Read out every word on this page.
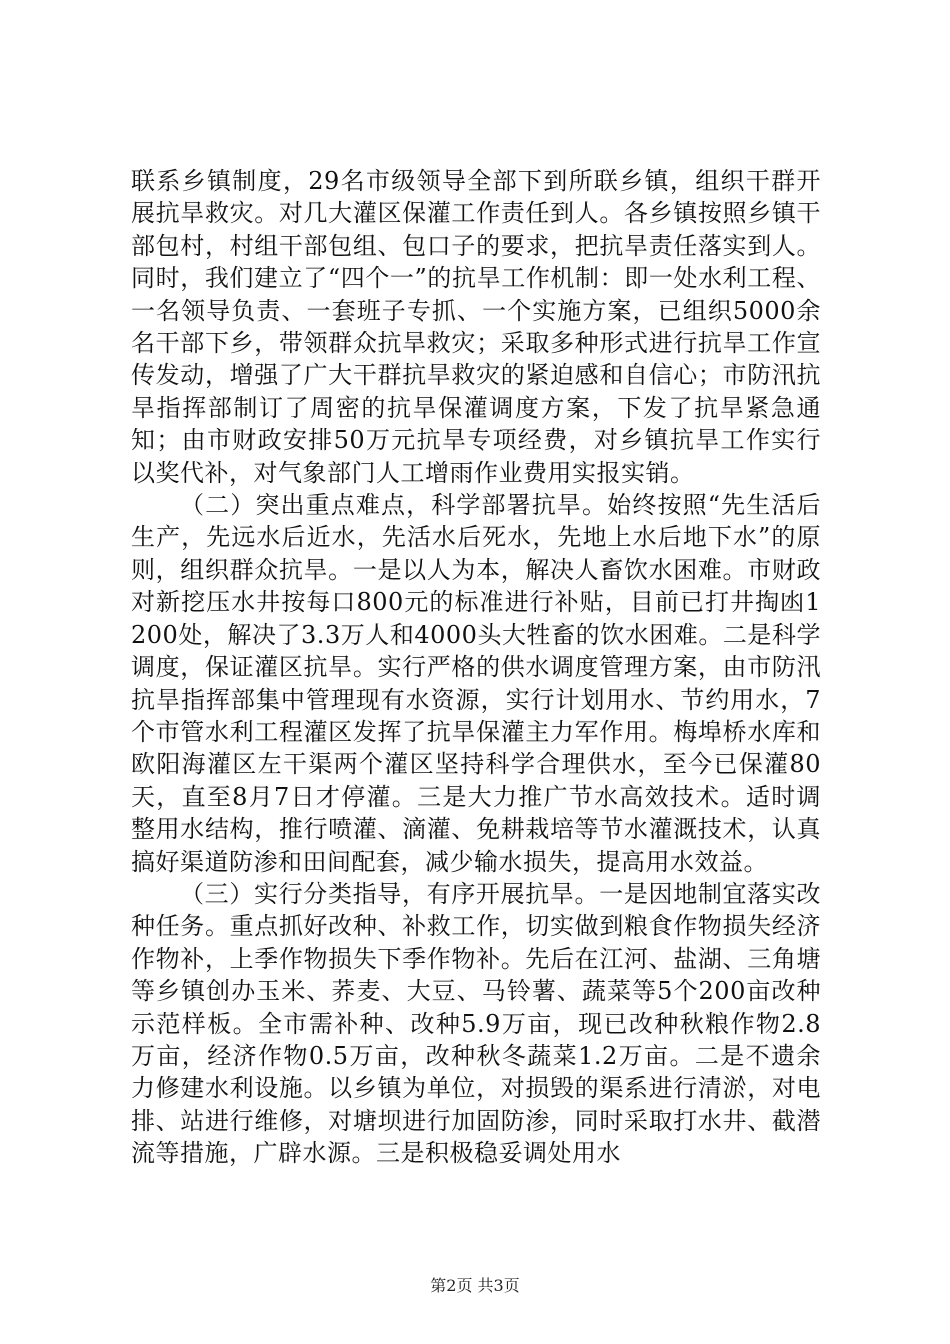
联系乡镇制度，29名市级领导全部下到所联乡镇，组织干群开展抗旱救灾。对几大灌区保灌工作责任到人。各乡镇按照乡镇干部包村，村组干部包组、包口子的要求，把抗旱责任落实到人。同时，我们建立了“四个一”的抗旱工作机制：即一处水利工程、一名领导负责、一套班子专抓、一个实施方案，已组织5000余名干部下乡，带领群众抗旱救灾；采取多种形式进行抗旱工作宣传发动，增强了广大干群抗旱救灾的紧迫感和自信心；市防汛抗旱指挥部制订了周密的抗旱保灌调度方案，下发了抗旱紧急通知；由市财政安排50万元抗旱专项经费，对乡镇抗旱工作实行以奖代补，对气象部门人工增雨作业费用实报实销。

（二）突出重点难点，科学部署抗旱。始终按照“先生活后生产，先远水后近水，先活水后死水，先地上水后地下水”的原则，组织群众抗旱。一是以人为本，解决人畜饮水困难。市财政对新挖压水井按每口800元的标准进行补贴，目前已打井掏凼1200处，解决了3.3万人和4000头大牲畜的饮水困难。二是科学调度，保证灌区抗旱。实行严格的供水调度管理方案，由市防汛抗旱指挥部集中管理现有水资源，实行计划用水、节约用水，7个市管水利工程灌区发挥了抗旱保灌主力军作用。梅埠桥水库和欧阳海灌区左干渠两个灌区坚持科学合理供水，至今已保灌80天，直至8月7日才停灌。三是大力推广节水高效技术。适时调整用水结构，推行喷灌、滴灌、免耕栽培等节水灌溉技术，认真搞好渠道防渗和田间配套，减少输水损失，提高用水效益。

（三）实行分类指导，有序开展抗旱。一是因地制宜落实改种任务。重点抓好改种、补救工作，切实做到粮食作物损失经济作物补，上季作物损失下季作物补。先后在江河、盐湖、三角塘等乡镇创办玉米、荞麦、大豆、马铃薯、蔬菜等5个200亩改种示范样板。全市需补种、改种5.9万亩，现已改种秋粮作物2.8万亩，经济作物0.5万亩，改种秋冬蔬菜1.2万亩。二是不遗余力修建水利设施。以乡镇为单位，对损毁的渠系进行清淤，对电排、站进行维修，对塘坝进行加固防渗，同时采取打水井、截潜流等措施，广辟水源。三是积极稳妥调处用水

第2页 共3页
